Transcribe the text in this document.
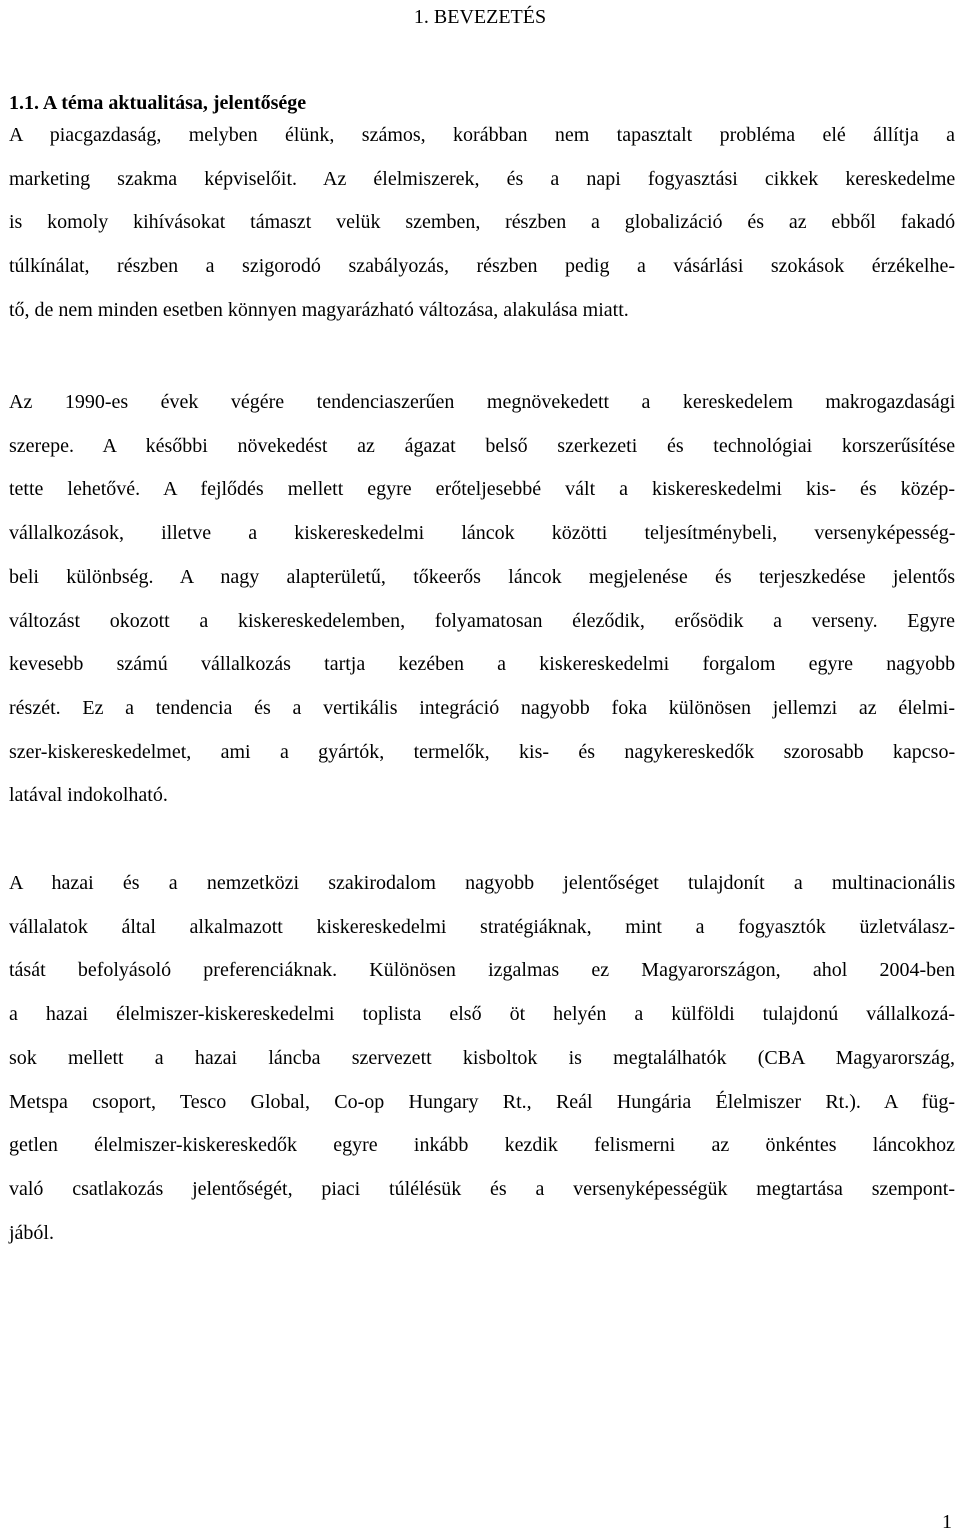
1. BEVEZETÉS
1.1. A téma aktualitása, jelentősége
A piacgazdaság, melyben élünk, számos, korábban nem tapasztalt probléma elé állítja a
marketing szakma képviselőit. Az élelmiszerek, és a napi fogyasztási cikkek kereskedelme
is komoly kihívásokat támaszt velük szemben, részben a globalizáció és az ebből fakadó
túlkínálat, részben a szigorodó szabályozás, részben pedig a vásárlási szokások érzékelhe-
tő, de nem minden esetben könnyen magyarázható változása, alakulása miatt.
Az 1990-es évek végére tendenciaszerűen megnövekedett a kereskedelem makrogazdasági
szerepe. A későbbi növekedést az ágazat belső szerkezeti és technológiai korszerűsítése
tette lehetővé. A fejlődés mellett egyre erőteljesebbé vált a kiskereskedelmi kis- és közép-
vállalkozások, illetve a kiskereskedelmi láncok közötti teljesítménybeli, versenyképesség-
beli különbség. A nagy alapterületű, tőkeerős láncok megjelenése és terjeszkedése jelentős
változást okozott a kiskereskedelemben, folyamatosan éleződik, erősödik a verseny. Egyre
kevesebb számú vállalkozás tartja kezében a kiskereskedelmi forgalom egyre nagyobb
részét. Ez a tendencia és a vertikális integráció nagyobb foka különösen jellemzi az élelmi-
szer-kiskereskedelmet, ami a gyártók, termelők, kis- és nagykereskedők szorosabb kapcso-
latával indokolható.
A hazai és a nemzetközi szakirodalom nagyobb jelentőséget tulajdonít a multinacionális
vállalatok által alkalmazott kiskereskedelmi stratégiáknak, mint a fogyasztók üzletválasz-
tását befolyásoló preferenciáknak. Különösen izgalmas ez Magyarországon, ahol 2004-ben
a hazai élelmiszer-kiskereskedelmi toplista első öt helyén a külföldi tulajdonú vállalkozá-
sok mellett a hazai láncba szervezett kisboltok is megtalálhatók (CBA Magyarország,
Metspa csoport, Tesco Global, Co-op Hungary Rt., Reál Hungária Élelmiszer Rt.). A füg-
getlen élelmiszer-kiskereskedők egyre inkább kezdik felismerni az önkéntes láncokhoz
való csatlakozás jelentőségét, piaci túlélésük és a versenyképességük megtartása szempont-
jából.
1
